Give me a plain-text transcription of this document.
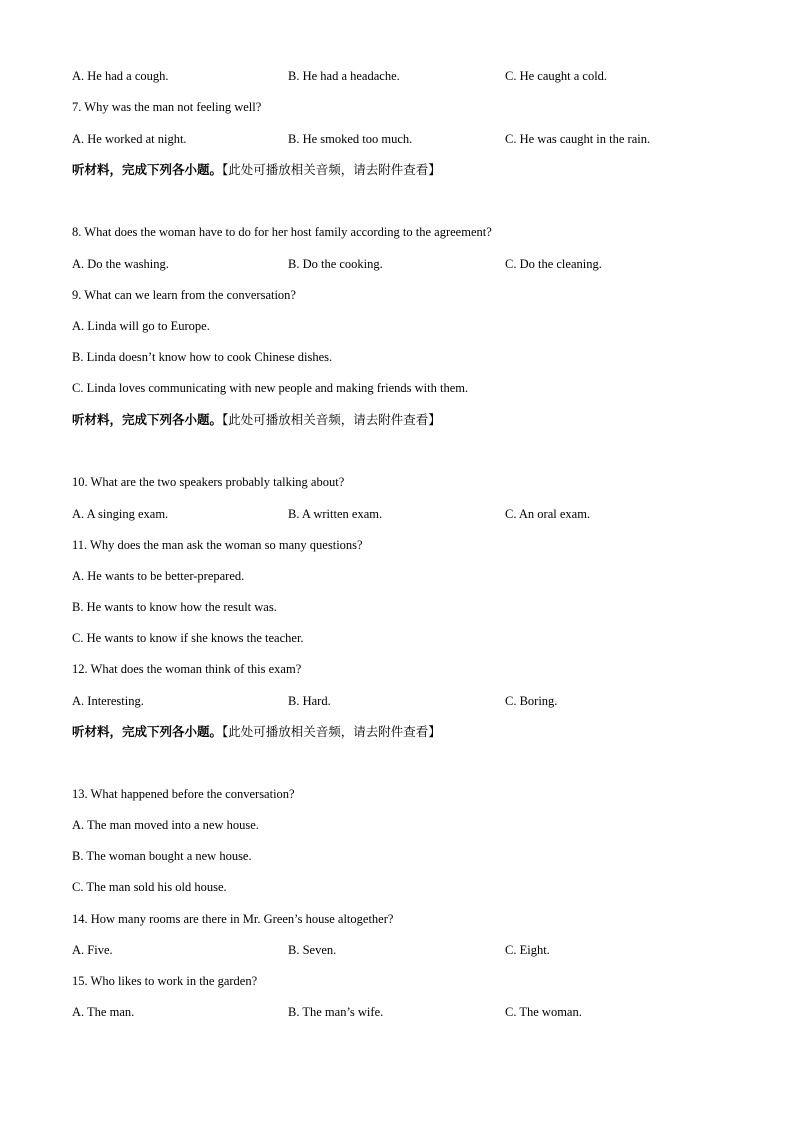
A. He had a cough.	B. He had a headache.	C. He caught a cold.
7. Why was the man not feeling well?
A. He worked at night.	B. He smoked too much.	C. He was caught in the rain.
听材料，完成下列各小题。【此处可播放相关音频，请去附件查看】
8. What does the woman have to do for her host family according to the agreement?
A. Do the washing.	B. Do the cooking.	C. Do the cleaning.
9. What can we learn from the conversation?
A. Linda will go to Europe.
B. Linda doesn’t know how to cook Chinese dishes.
C. Linda loves communicating with new people and making friends with them.
听材料，完成下列各小题。【此处可播放相关音频，请去附件查看】
10. What are the two speakers probably talking about?
A. A singing exam.	B. A written exam.	C. An oral exam.
11. Why does the man ask the woman so many questions?
A. He wants to be better-prepared.
B. He wants to know how the result was.
C. He wants to know if she knows the teacher.
12. What does the woman think of this exam?
A. Interesting.	B. Hard.	C. Boring.
听材料，完成下列各小题。【此处可播放相关音频，请去附件查看】
13. What happened before the conversation?
A. The man moved into a new house.
B. The woman bought a new house.
C. The man sold his old house.
14. How many rooms are there in Mr. Green’s house altogether?
A. Five.	B. Seven.	C. Eight.
15. Who likes to work in the garden?
A. The man.	B. The man’s wife.	C. The woman.
